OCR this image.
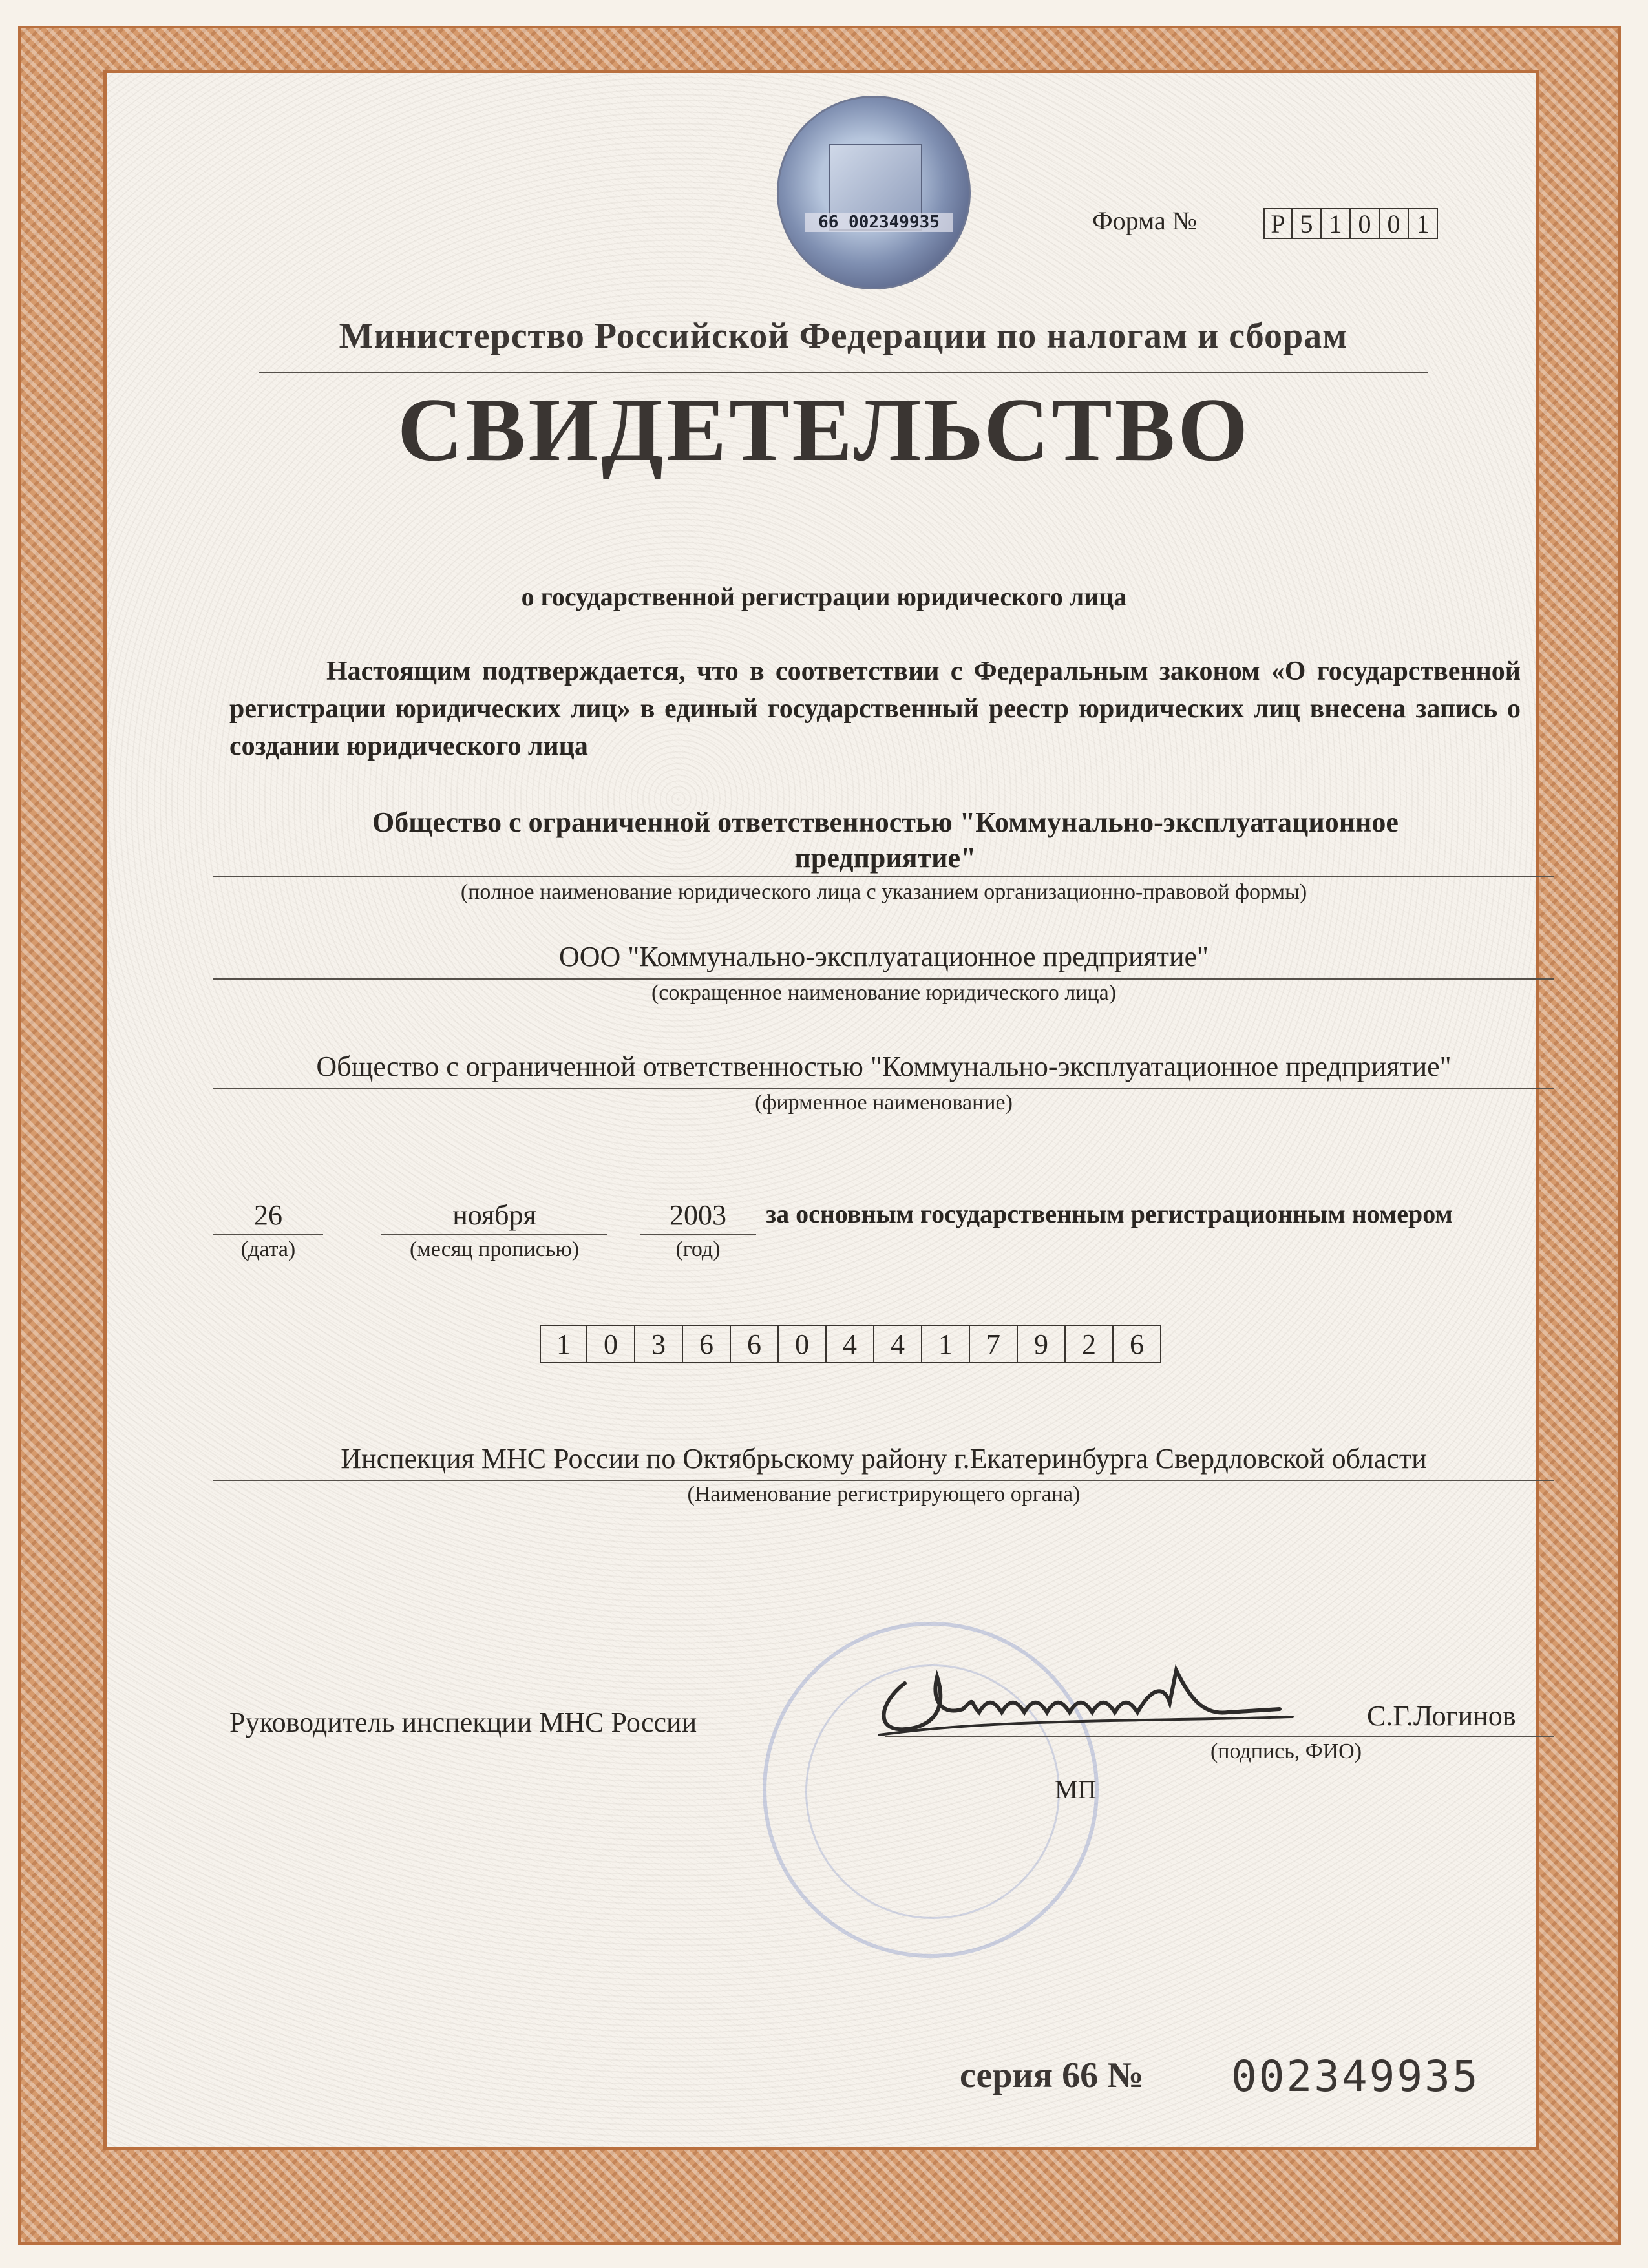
66 002349935	Форма №	Р 5 1 0 0 1
Министерство Российской Федерации по налогам и сборам
СВИДЕТЕЛЬСТВО
о государственной регистрации юридического лица
Настоящим подтверждается, что в соответствии с Федеральным законом «О государственной регистрации юридических лиц» в единый государственный реестр юридических лиц внесена запись о создании юридического лица
Общество с ограниченной ответственностью "Коммунально-эксплуатационное
предприятие"
(полное наименование юридического лица с указанием организационно-правовой формы)
ООО "Коммунально-эксплуатационное предприятие"
(сокращенное наименование юридического лица)
Общество с ограниченной ответственностью "Коммунально-эксплуатационное предприятие"
(фирменное наименование)
26
(дата)
ноября
(месяц прописью)
2003
(год)
за основным государственным регистрационным номером
1	0	3	6	6	0	4	4	1	7	9	2	6
Инспекция МНС России по Октябрьскому району г.Екатеринбурга Свердловской области
(Наименование регистрирующего органа)
Руководитель инспекции МНС России	С.Г.Логинов
(подпись, ФИО)
МП
серия 66 № 002349935
